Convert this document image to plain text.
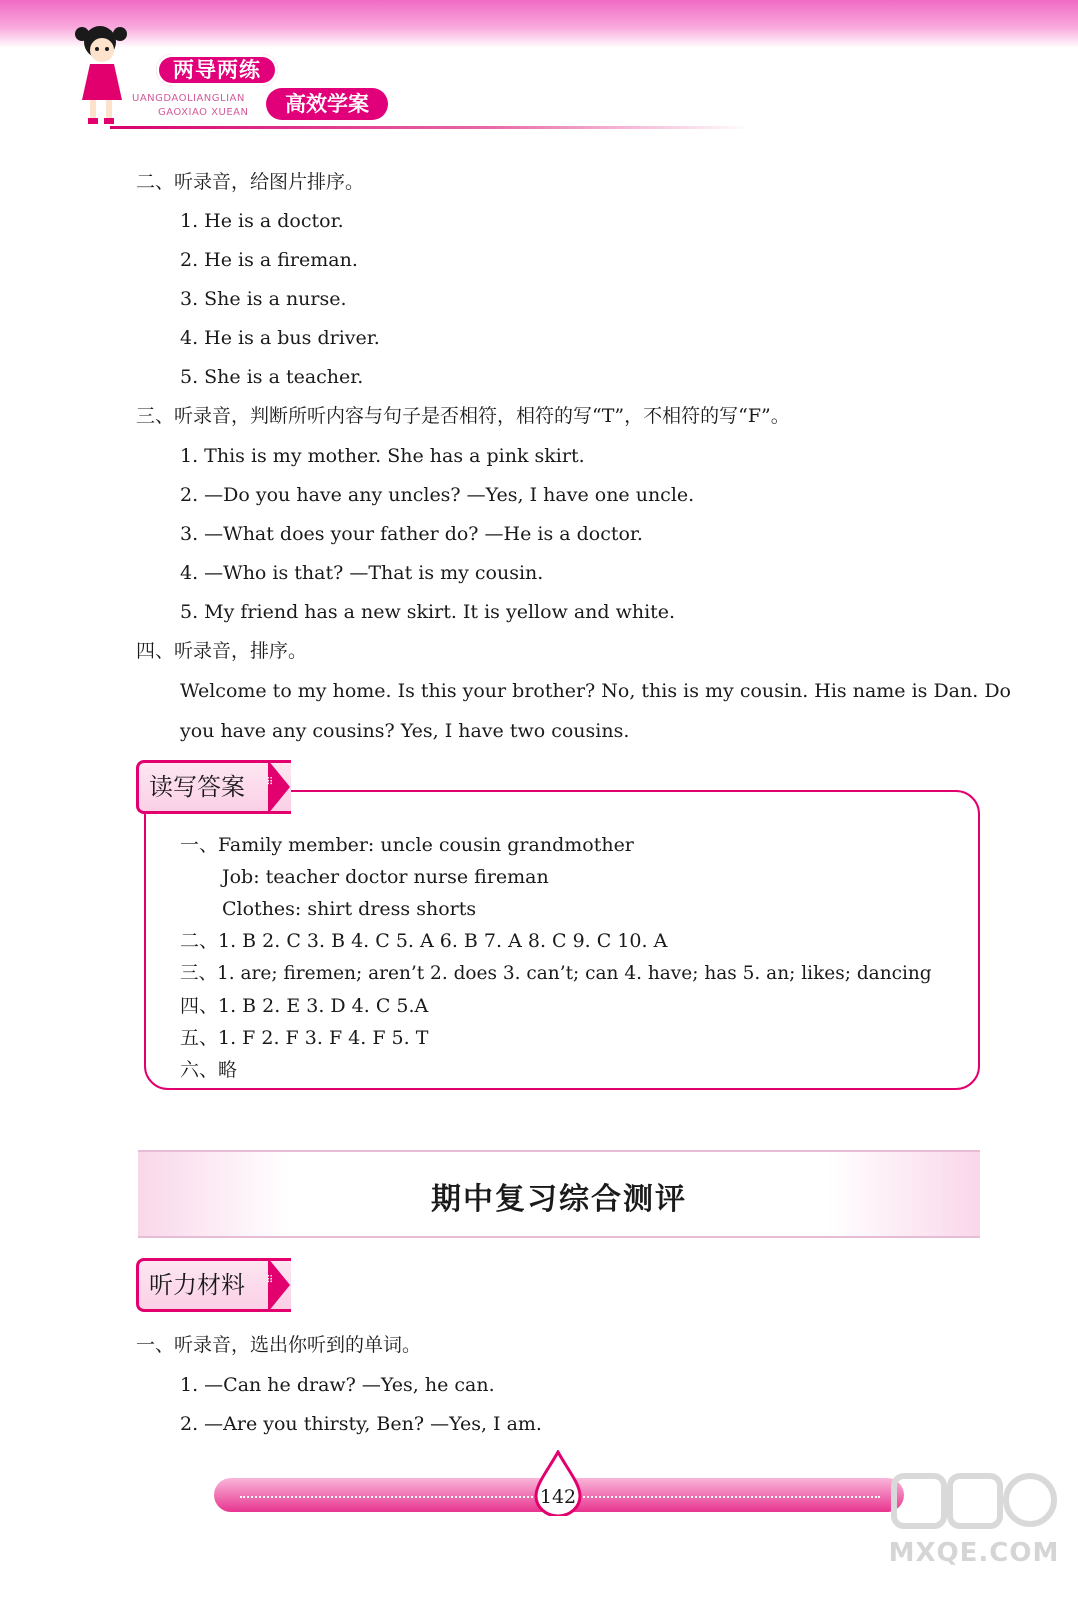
两导两练
UANGDAOLIANGLIAN
GAOXIAO XUEAN	高效学案
二、听录音，给图片排序。
1. He is a doctor.
2. He is a fireman.
3. She is a nurse.
4. He is a bus driver.
5. She is a teacher.
三、听录音，判断所听内容与句子是否相符，相符的写“T”，不相符的写“F”。
1. This is my mother. She has a pink skirt.
2. —Do you have any uncles? —Yes, I have one uncle.
3. —What does your father do? —He is a doctor.
4. —Who is that? —That is my cousin.
5. My friend has a new skirt. It is yellow and white.
四、听录音，排序。
Welcome to my home. Is this your brother? No, this is my cousin. His name is Dan. Do
you have any cousins? Yes, I have two cousins.
读写答案	⠿
一、Family member: uncle cousin grandmother
Job: teacher doctor nurse fireman
Clothes: shirt dress shorts
二、1. B 2. C 3. B 4. C 5. A 6. B 7. A 8. C 9. C 10. A
三、1. are; firemen; aren’t 2. does 3. can’t; can 4. have; has 5. an; likes; dancing
四、1. B 2. E 3. D 4. C 5.A
五、1. F 2. F 3. F 4. F 5. T
六、略
期中复习综合测评
听力材料	⠿
一、听录音，选出你听到的单词。
1. —Can he draw? —Yes, he can.
2. —Are you thirsty, Ben? —Yes, I am.
142
MXQE.COM
